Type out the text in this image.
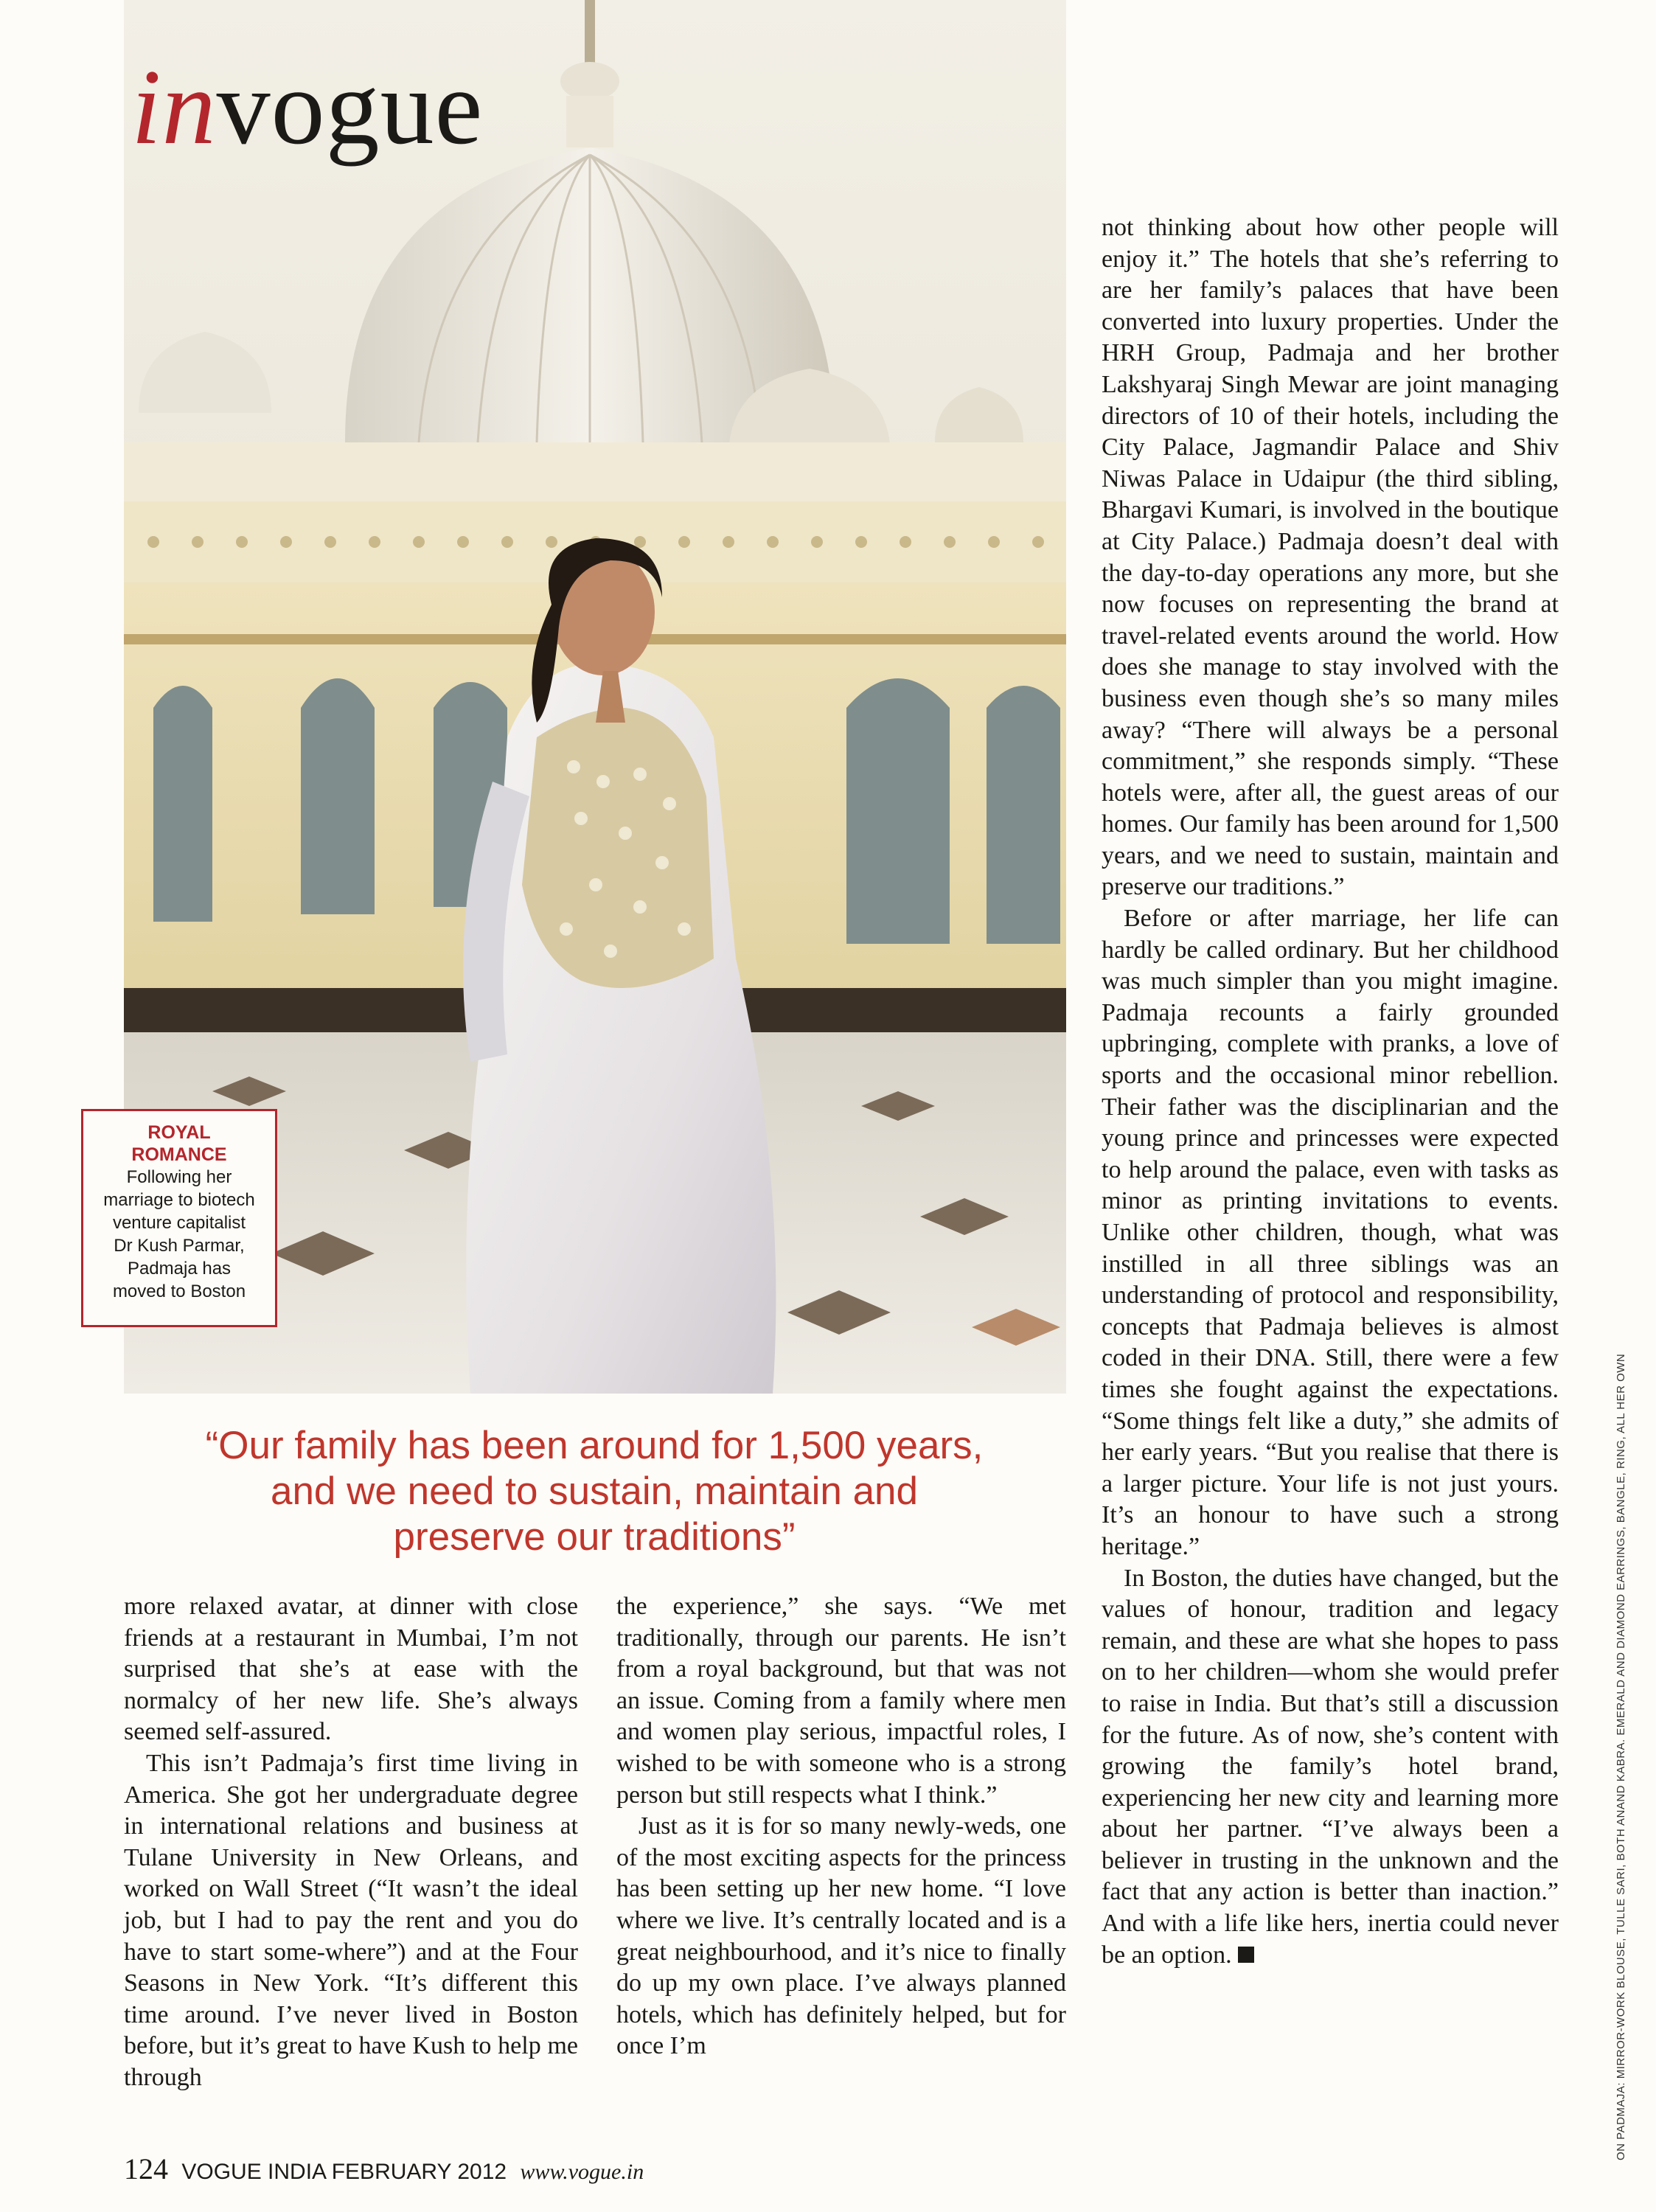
invogue
ROYAL
ROMANCE
Following her
marriage to biotech
venture capitalist
Dr Kush Parmar,
Padmaja has
moved to Boston
“Our family has been around for 1,500 years,
and we need to sustain, maintain and
preserve our traditions”

more relaxed avatar, at dinner with close friends at a restaurant in Mumbai, I’m not surprised that she’s at ease with the normalcy of her new life. She’s always seemed self-assured.

This isn’t Padmaja’s first time living in America. She got her undergraduate degree in international relations and business at Tulane University in New Orleans, and worked on Wall Street (“It wasn’t the ideal job, but I had to pay the rent and you do have to start some-where”) and at the Four Seasons in New York. “It’s different this time around. I’ve never lived in Boston before, but it’s great to have Kush to help me through

the experience,” she says. “We met traditionally, through our parents. He isn’t from a royal background, but that was not an issue. Coming from a family where men and women play serious, impactful roles, I wished to be with someone who is a strong person but still respects what I think.”

Just as it is for so many newly-weds, one of the most exciting aspects for the princess has been setting up her new home. “I love where we live. It’s centrally located and is a great neighbourhood, and it’s nice to finally do up my own place. I’ve always planned hotels, which has definitely helped, but for once I’m

not thinking about how other people will enjoy it.” The hotels that she’s referring to are her family’s palaces that have been converted into luxury properties. Under the HRH Group, Padmaja and her brother Lakshyaraj Singh Mewar are joint managing directors of 10 of their hotels, including the City Palace, Jagmandir Palace and Shiv Niwas Palace in Udaipur (the third sibling, Bhargavi Kumari, is involved in the boutique at City Palace.) Padmaja doesn’t deal with the day-to-day operations any more, but she now focuses on representing the brand at travel-related events around the world. How does she manage to stay involved with the business even though she’s so many miles away? “There will always be a personal commitment,” she responds simply. “These hotels were, after all, the guest areas of our homes. Our family has been around for 1,500 years, and we need to sustain, maintain and preserve our traditions.”

Before or after marriage, her life can hardly be called ordinary. But her childhood was much simpler than you might imagine. Padmaja recounts a fairly grounded upbringing, complete with pranks, a love of sports and the occasional minor rebellion. Their father was the disciplinarian and the young prince and princesses were expected to help around the palace, even with tasks as minor as printing invitations to events. Unlike other children, though, what was instilled in all three siblings was an understanding of protocol and responsibility, concepts that Padmaja believes is almost coded in their DNA. Still, there were a few times she fought against the expectations. “Some things felt like a duty,” she admits of her early years. “But you realise that there is a larger picture. Your life is not just yours. It’s an honour to have such a strong heritage.”

In Boston, the duties have changed, but the values of honour, tradition and legacy remain, and these are what she hopes to pass on to her children—whom she would prefer to raise in India. But that’s still a discussion for the future. As of now, she’s content with growing the family’s hotel brand, experiencing her new city and learning more about her partner. “I’ve always been a believer in trusting in the unknown and the fact that any action is better than inaction.” And with a life like hers, inertia could never be an option.

124 VOGUE INDIA FEBRUARY 2012 www.vogue.in
ON PADMAJA: MIRROR-WORK BLOUSE, TULLE SARI, BOTH ANAND KABRA. EMERALD AND DIAMOND EARRINGS, BANGLE, RING, ALL HER OWN
